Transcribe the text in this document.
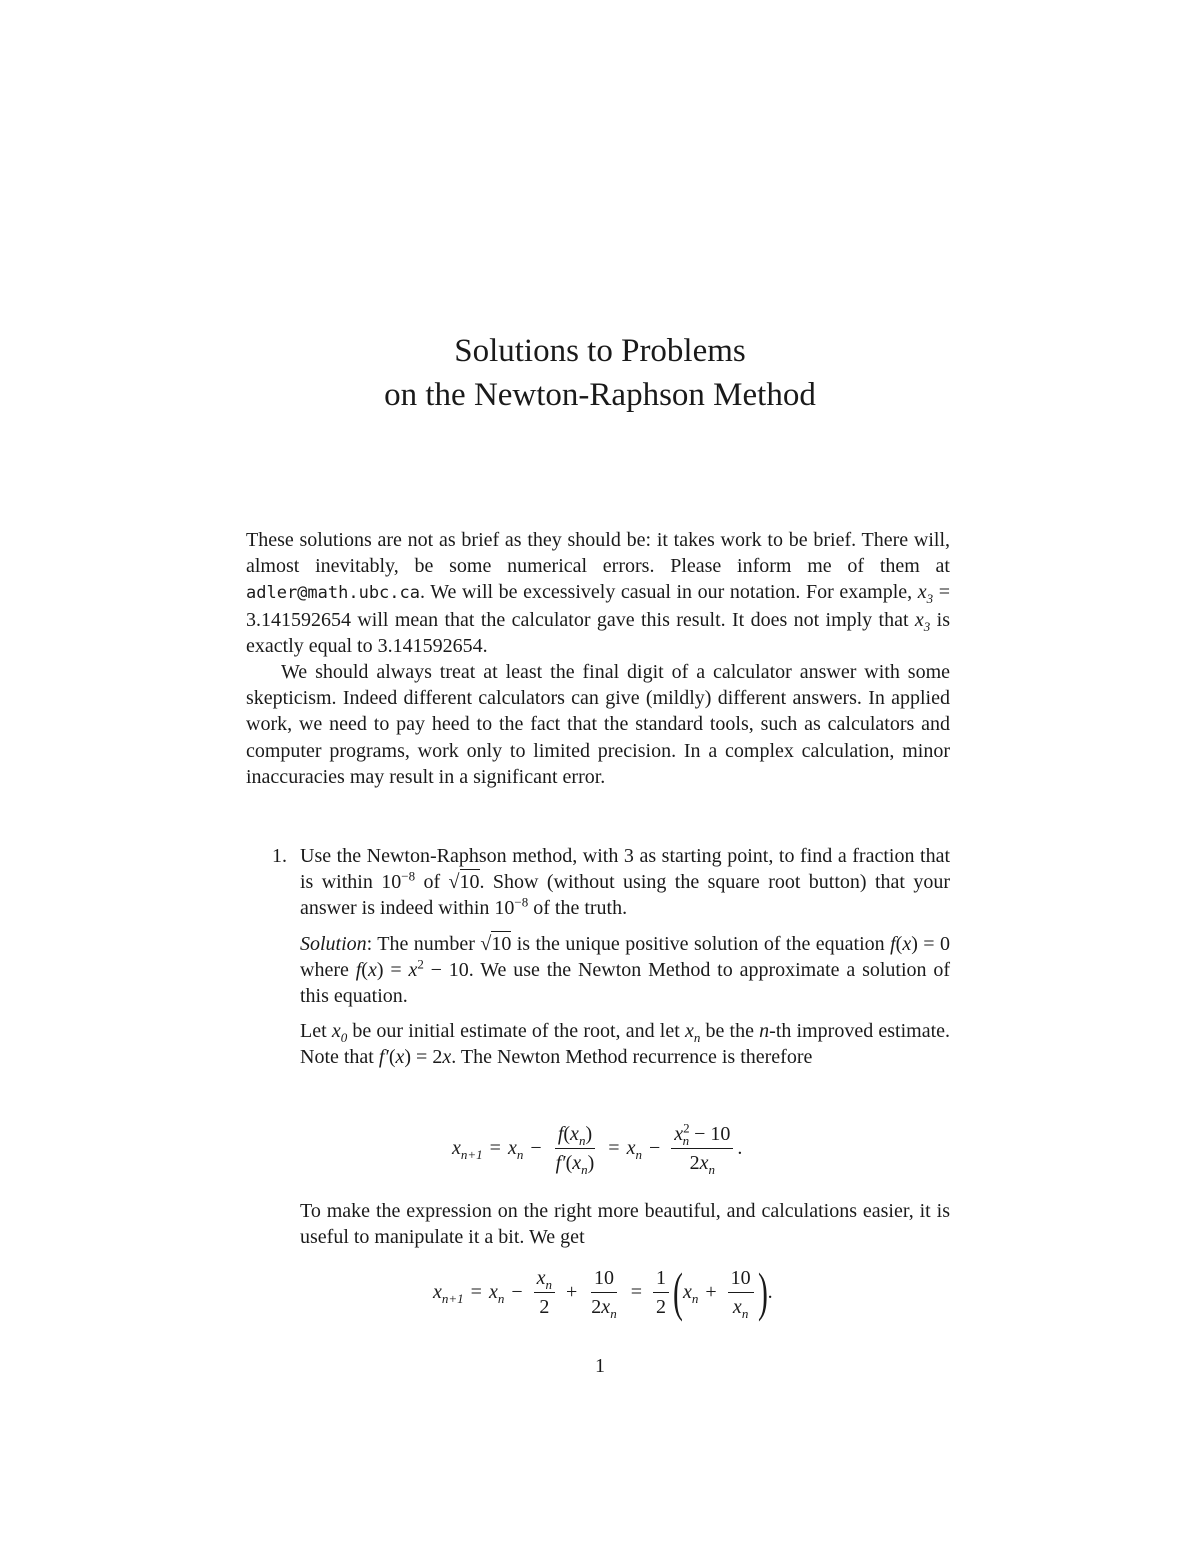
Solutions to Problems
on the Newton-Raphson Method

These solutions are not as brief as they should be: it takes work to be brief. There will, almost inevitably, be some numerical errors. Please inform me of them at adler@math.ubc.ca. We will be excessively casual in our notation. For example, $x_3 = 3.141592654$ will mean that the calculator gave this result. It does not imply that $x_3$ is exactly equal to 3.141592654.

We should always treat at least the final digit of a calculator answer with some skepticism. Indeed different calculators can give (mildly) different answers. In applied work, we need to pay heed to the fact that the standard tools, such as calculators and computer programs, work only to limited precision. In a complex calculation, minor inaccuracies may result in a significant error.

1. Use the Newton-Raphson method, with 3 as starting point, to find a fraction that is within $10^{-8}$ of √10. Show (without using the square root button) that your answer is indeed within $10^{-8}$ of the truth.

Solution: The number √10 is the unique positive solution of the equation f(x) = 0 where $f(x) = x^2 - 10$. We use the Newton Method to approximate a solution of this equation.

Let $x_0$ be our initial estimate of the root, and let $x_n$ be the n-th improved estimate. Note that f′(x) = 2x. The Newton Method recurrence is therefore

$x_{n+1} = x_n - \frac{f(x_n)}{f'(x_n)} = x_n - \frac{x^2_n - 10}{2x_n}$ .
To make the expression on the right more beautiful, and calculations easier, it is useful to manipulate it a bit. We get
$x_{n+1} = x_n - \frac{x_n}{2} + \frac{10}{2x_n} = \frac{1}{2}$ ( $x_n + \frac{10}{x_n}$ ) .
1
